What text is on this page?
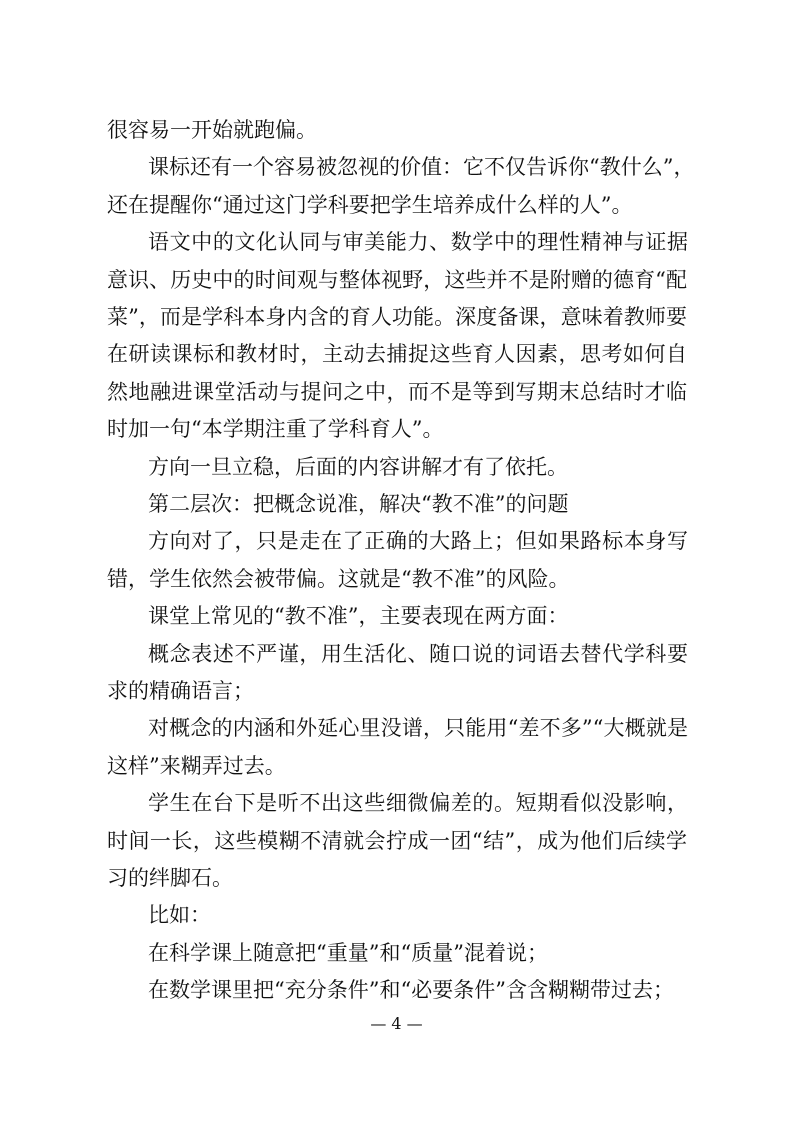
很容易一开始就跑偏。
课标还有一个容易被忽视的价值：它不仅告诉你“教什么”，
还在提醒你“通过这门学科要把学生培养成什么样的人”。
语文中的文化认同与审美能力、数学中的理性精神与证据
意识、历史中的时间观与整体视野，这些并不是附赠的德育“配
菜”，而是学科本身内含的育人功能。深度备课，意味着教师要
在研读课标和教材时，主动去捕捉这些育人因素，思考如何自
然地融进课堂活动与提问之中，而不是等到写期末总结时才临
时加一句“本学期注重了学科育人”。
方向一旦立稳，后面的内容讲解才有了依托。
第二层次：把概念说准，解决“教不准”的问题
方向对了，只是走在了正确的大路上；但如果路标本身写
错，学生依然会被带偏。这就是“教不准”的风险。
课堂上常见的“教不准”，主要表现在两方面：
概念表述不严谨，用生活化、随口说的词语去替代学科要
求的精确语言；
对概念的内涵和外延心里没谱，只能用“差不多”“大概就是
这样”来糊弄过去。
学生在台下是听不出这些细微偏差的。短期看似没影响，
时间一长，这些模糊不清就会拧成一团“结”，成为他们后续学
习的绊脚石。
比如：
在科学课上随意把“重量”和“质量”混着说；
在数学课里把“充分条件”和“必要条件”含含糊糊带过去；
— 4 —
